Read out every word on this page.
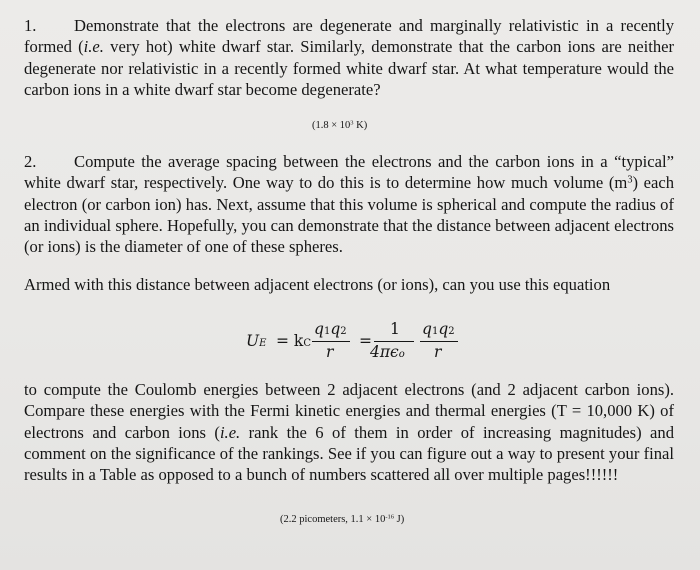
1. Demonstrate that the electrons are degenerate and marginally relativistic in a recently formed (i.e. very hot) white dwarf star. Similarly, demonstrate that the carbon ions are neither degenerate nor relativistic in a recently formed white dwarf star. At what temperature would the carbon ions in a white dwarf star become degenerate?
($1.8 \times 10^3$ K)
2. Compute the average spacing between the electrons and the carbon ions in a “typical” white dwarf star, respectively. One way to do this is to determine how much volume $(m^3)$ each electron (or carbon ion) has. Next, assume that this volume is spherical and compute the radius of an individual sphere. Hopefully, you can demonstrate that the distance between adjacent electrons (or ions) is the diameter of one of these spheres.
Armed with this distance between adjacent electrons (or ions), can you use this equation
UE = kC
q1q2
r
=
1
4πϵo
q1q2
r
to compute the Coulomb energies between 2 adjacent electrons (and 2 adjacent carbon ions). Compare these energies with the Fermi kinetic energies and thermal energies (T = 10,000 K) of electrons and carbon ions (i.e. rank the 6 of them in order of increasing magnitudes) and comment on the significance of the rankings. See if you can figure out a way to present your final results in a Table as opposed to a bunch of numbers scattered all over multiple pages!!!!!!
(2.2 picometers, $1.1 \times 10^{-16}$ J)
